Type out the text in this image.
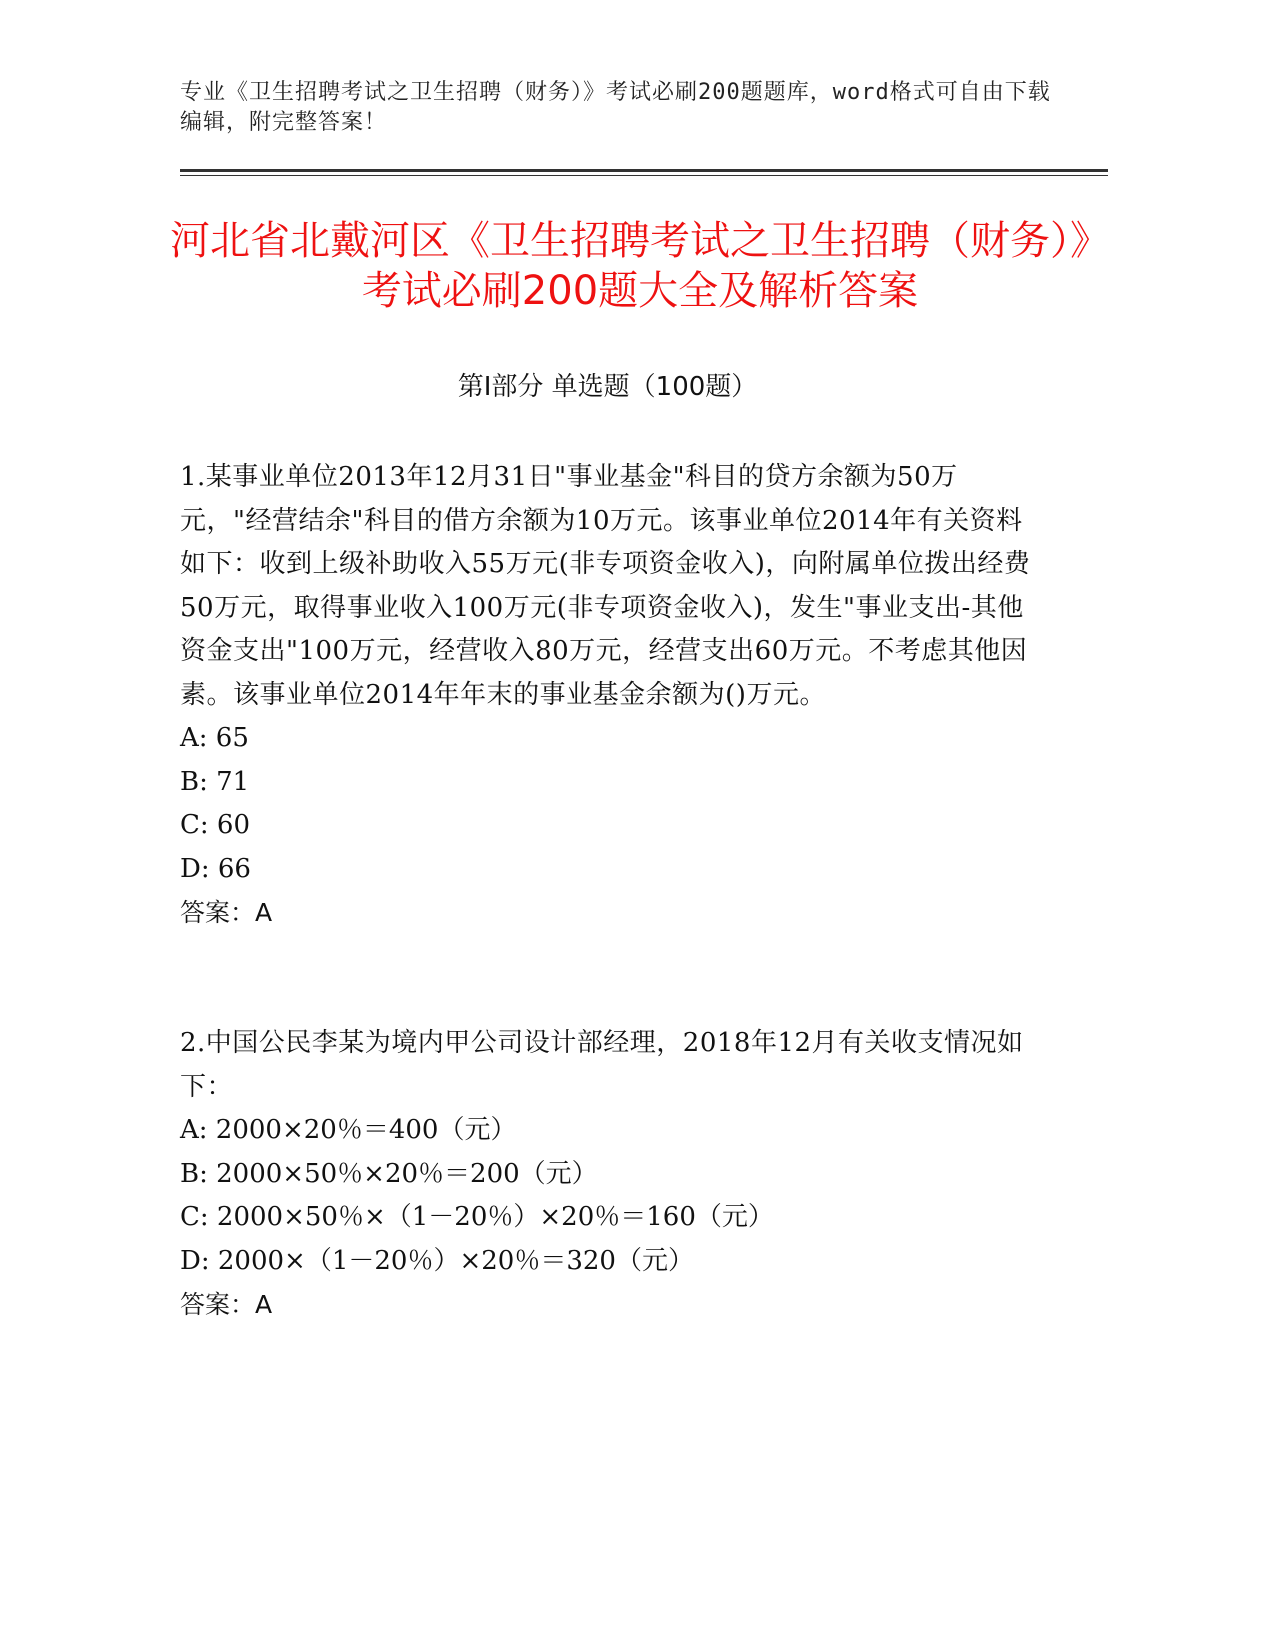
专业《卫生招聘考试之卫生招聘（财务）》考试必刷200题题库，word格式可自由下载编辑，附完整答案！
河北省北戴河区《卫生招聘考试之卫生招聘（财务）》考试必刷200题大全及解析答案
第I部分 单选题（100题）

1.某事业单位2013年12月31日"事业基金"科目的贷方余额为50万元，"经营结余"科目的借方余额为10万元。该事业单位2014年有关资料如下：收到上级补助收入55万元(非专项资金收入)，向附属单位拨出经费50万元，取得事业收入100万元(非专项资金收入)，发生"事业支出-其他资金支出"100万元，经营收入80万元，经营支出60万元。不考虑其他因素。该事业单位2014年年末的事业基金余额为()万元。

A: 65

B: 71

C: 60

D: 66

答案：A

2.中国公民李某为境内甲公司设计部经理，2018年12月有关收支情况如下：

A: 2000×20％＝400（元）

B: 2000×50％×20％＝200（元）

C: 2000×50％×（1－20％）×20％＝160（元）

D: 2000×（1－20％）×20％＝320（元）

答案：A
